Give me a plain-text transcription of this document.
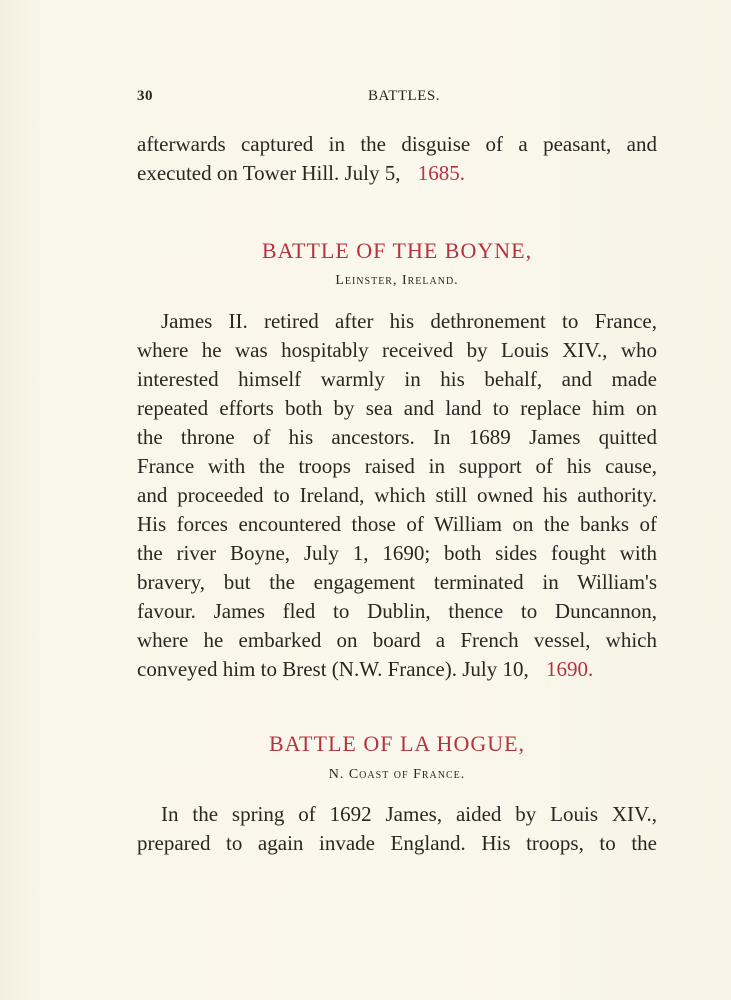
30	BATTLES.
afterwards captured in the disguise of a peasant, and
executed on Tower Hill. July 5, 1685.
BATTLE OF THE BOYNE,
Leinster, Ireland.
James II. retired after his dethronement to France,
where he was hospitably received by Louis XIV., who
interested himself warmly in his behalf, and made
repeated efforts both by sea and land to replace him on
the throne of his ancestors. In 1689 James quitted
France with the troops raised in support of his cause,
and proceeded to Ireland, which still owned his authority.
His forces encountered those of William on the banks of
the river Boyne, July 1, 1690; both sides fought with
bravery, but the engagement terminated in William's
favour. James fled to Dublin, thence to Duncannon,
where he embarked on board a French vessel, which
conveyed him to Brest (N.W. France). July 10, 1690.
BATTLE OF LA HOGUE,
N. Coast of France.
In the spring of 1692 James, aided by Louis XIV.,
prepared to again invade England. His troops, to the
